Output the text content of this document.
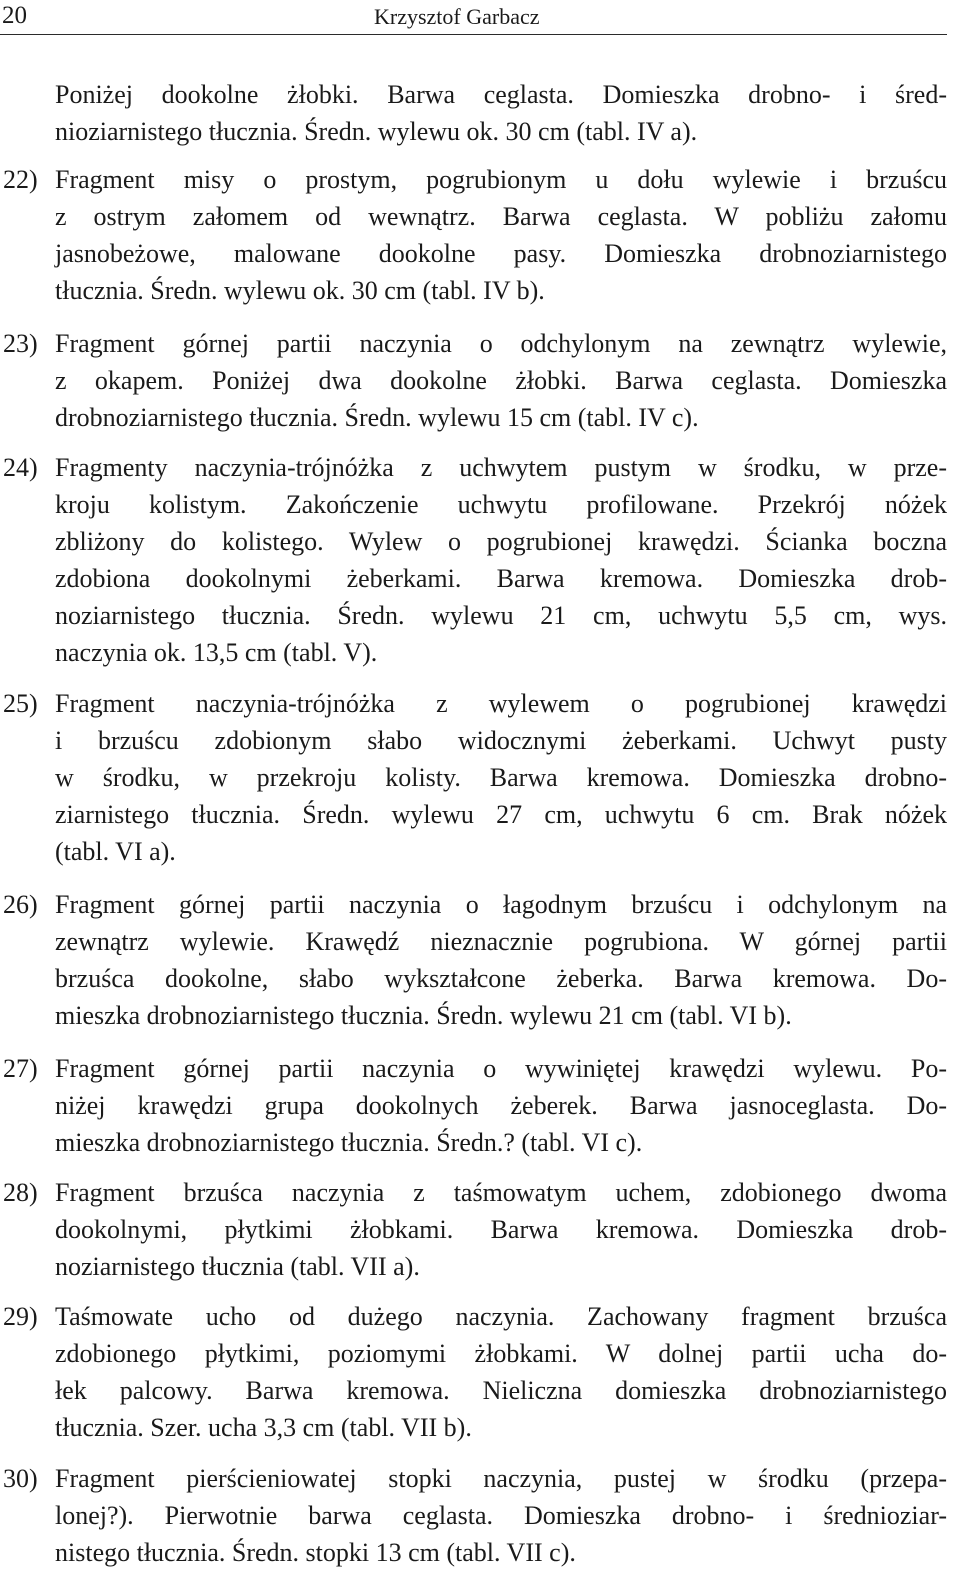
20	Krzysztof Garbacz
Poniżej dookolne żłobki. Barwa ceglasta. Domieszka drobno- i śred-
nioziarnistego tłucznia. Średn. wylewu ok. 30 cm (tabl. IV a).
22) Fragment misy o prostym, pogrubionym u dołu wylewie i brzuścu
z ostrym załomem od wewnątrz. Barwa ceglasta. W pobliżu załomu
jasnobeżowe, malowane dookolne pasy. Domieszka drobnoziarnistego
tłucznia. Średn. wylewu ok. 30 cm (tabl. IV b).
23) Fragment górnej partii naczynia o odchylonym na zewnątrz wylewie,
z okapem. Poniżej dwa dookolne żłobki. Barwa ceglasta. Domieszka
drobnoziarnistego tłucznia. Średn. wylewu 15 cm (tabl. IV c).
24) Fragmenty naczynia-trójnóżka z uchwytem pustym w środku, w prze-
kroju kolistym. Zakończenie uchwytu profilowane. Przekrój nóżek
zbliżony do kolistego. Wylew o pogrubionej krawędzi. Ścianka boczna
zdobiona dookolnymi żeberkami. Barwa kremowa. Domieszka drob-
noziarnistego tłucznia. Średn. wylewu 21 cm, uchwytu 5,5 cm, wys.
naczynia ok. 13,5 cm (tabl. V).
25) Fragment naczynia-trójnóżka z wylewem o pogrubionej krawędzi
i brzuścu zdobionym słabo widocznymi żeberkami. Uchwyt pusty
w środku, w przekroju kolisty. Barwa kremowa. Domieszka drobno-
ziarnistego tłucznia. Średn. wylewu 27 cm, uchwytu 6 cm. Brak nóżek
(tabl. VI a).
26) Fragment górnej partii naczynia o łagodnym brzuścu i odchylonym na
zewnątrz wylewie. Krawędź nieznacznie pogrubiona. W górnej partii
brzuśca dookolne, słabo wykształcone żeberka. Barwa kremowa. Do-
mieszka drobnoziarnistego tłucznia. Średn. wylewu 21 cm (tabl. VI b).
27) Fragment górnej partii naczynia o wywiniętej krawędzi wylewu. Po-
niżej krawędzi grupa dookolnych żeberek. Barwa jasnoceglasta. Do-
mieszka drobnoziarnistego tłucznia. Średn.? (tabl. VI c).
28) Fragment brzuśca naczynia z taśmowatym uchem, zdobionego dwoma
dookolnymi, płytkimi żłobkami. Barwa kremowa. Domieszka drob-
noziarnistego tłucznia (tabl. VII a).
29) Taśmowate ucho od dużego naczynia. Zachowany fragment brzuśca
zdobionego płytkimi, poziomymi żłobkami. W dolnej partii ucha do-
łek palcowy. Barwa kremowa. Nieliczna domieszka drobnoziarnistego
tłucznia. Szer. ucha 3,3 cm (tabl. VII b).
30) Fragment pierścieniowatej stopki naczynia, pustej w środku (przepa-
lonej?). Pierwotnie barwa ceglasta. Domieszka drobno- i średnioziar-
nistego tłucznia. Średn. stopki 13 cm (tabl. VII c).
